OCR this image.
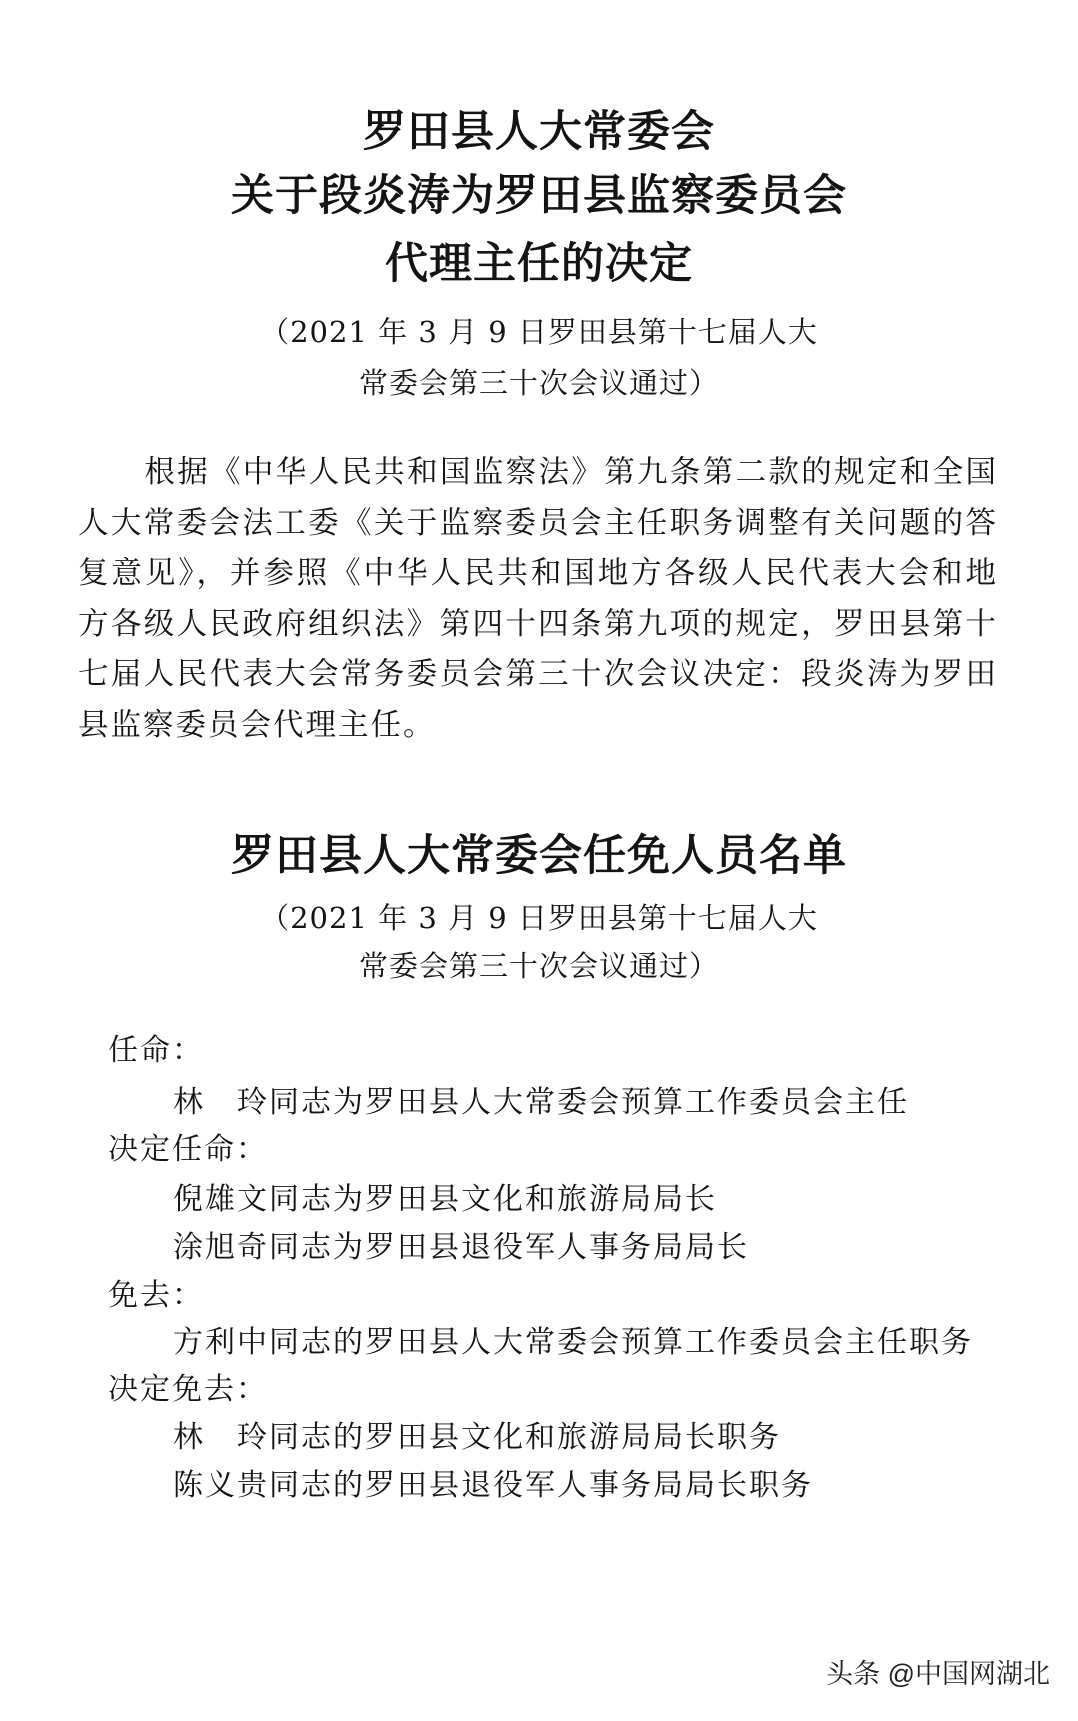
罗田县人大常委会
关于段炎涛为罗田县监察委员会
代理主任的决定
（2021 年 3 月 9 日罗田县第十七届人大
常委会第三十次会议通过）
根据《中华人民共和国监察法》第九条第二款的规定和全国人大常委会法工委《关于监察委员会主任职务调整有关问题的答复意见》，并参照《中华人民共和国地方各级人民代表大会和地方各级人民政府组织法》第四十四条第九项的规定，罗田县第十七届人民代表大会常务委员会第三十次会议决定：段炎涛为罗田县监察委员会代理主任。
罗田县人大常委会任免人员名单
（2021 年 3 月 9 日罗田县第十七届人大
常委会第三十次会议通过）
任命：
林　玲同志为罗田县人大常委会预算工作委员会主任
决定任命：
倪雄文同志为罗田县文化和旅游局局长
涂旭奇同志为罗田县退役军人事务局局长
免去：
方利中同志的罗田县人大常委会预算工作委员会主任职务
决定免去：
林　玲同志的罗田县文化和旅游局局长职务
陈义贵同志的罗田县退役军人事务局局长职务
头条 @中国网湖北
